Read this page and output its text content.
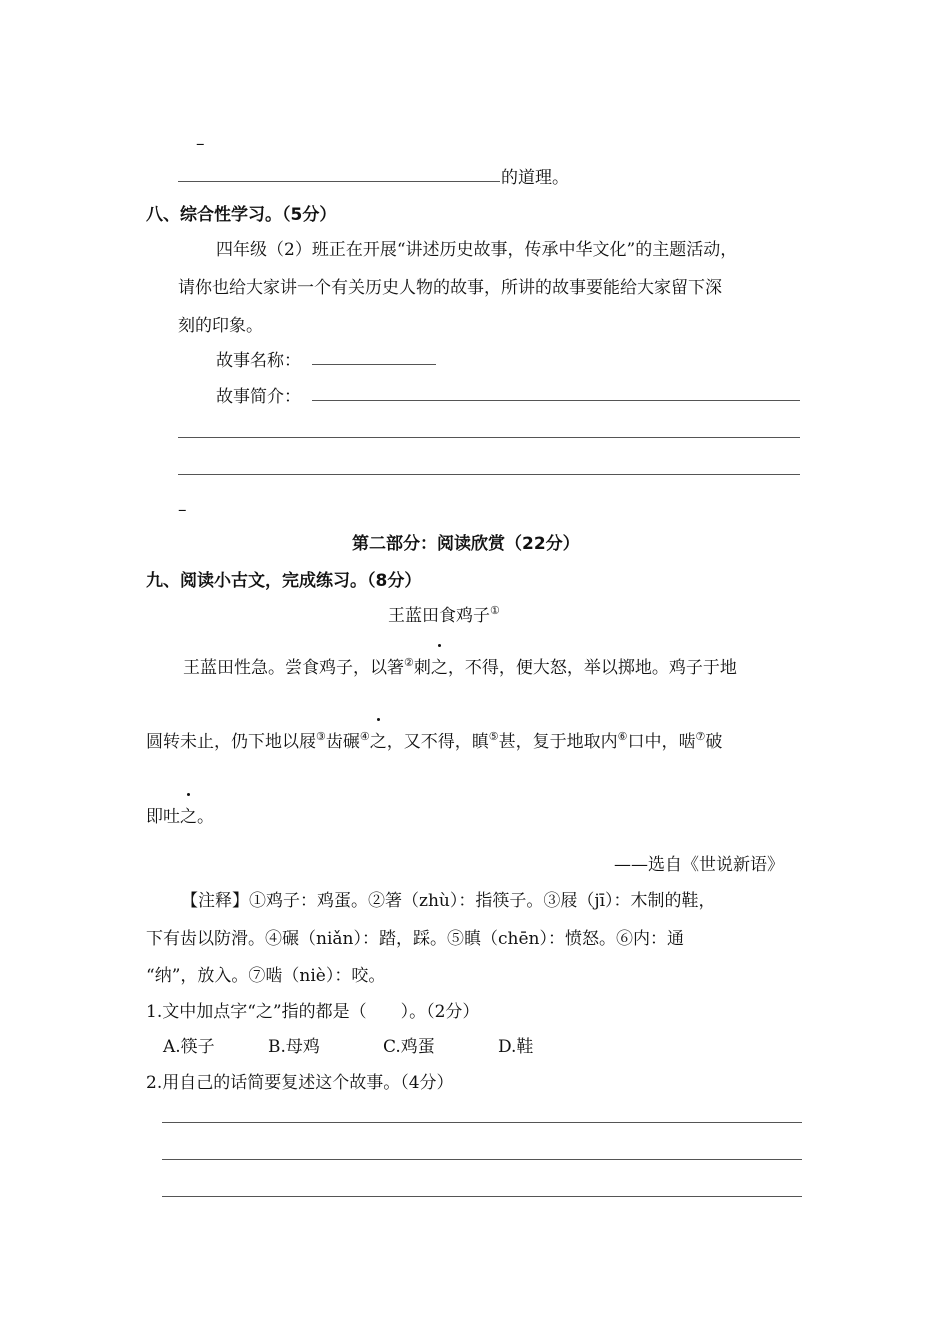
–
的道理。
八、综合性学习。（5分）
四年级（2）班正在开展“讲述历史故事，传承中华文化”的主题活动，
请你也给大家讲一个有关历史人物的故事，所讲的故事要能给大家留下深
刻的印象。
故事名称：
故事简介：
–
第二部分：阅读欣赏（22分）
九、阅读小古文，完成练习。（8分）
王蓝田食鸡子①
王蓝田性急。尝食鸡子，以箸②刺之，不得，便大怒，举以掷地。鸡子于地
圆转未止，仍下地以屐③齿碾④之，又不得，瞋⑤甚，复于地取内⑥口中，啮⑦破
即吐之。
——选自《世说新语》
【注释】①鸡子：鸡蛋。②箸（zhù）：指筷子。③屐（jī）：木制的鞋，
下有齿以防滑。④碾（niǎn）：踏，踩。⑤瞋（chēn）：愤怒。⑥内：通
“纳”，放入。⑦啮（niè）：咬。
1.文中加点字“之”指的都是（　　）。（2分）
A.筷子	B.母鸡	C.鸡蛋	D.鞋
2.用自己的话简要复述这个故事。（4分）
